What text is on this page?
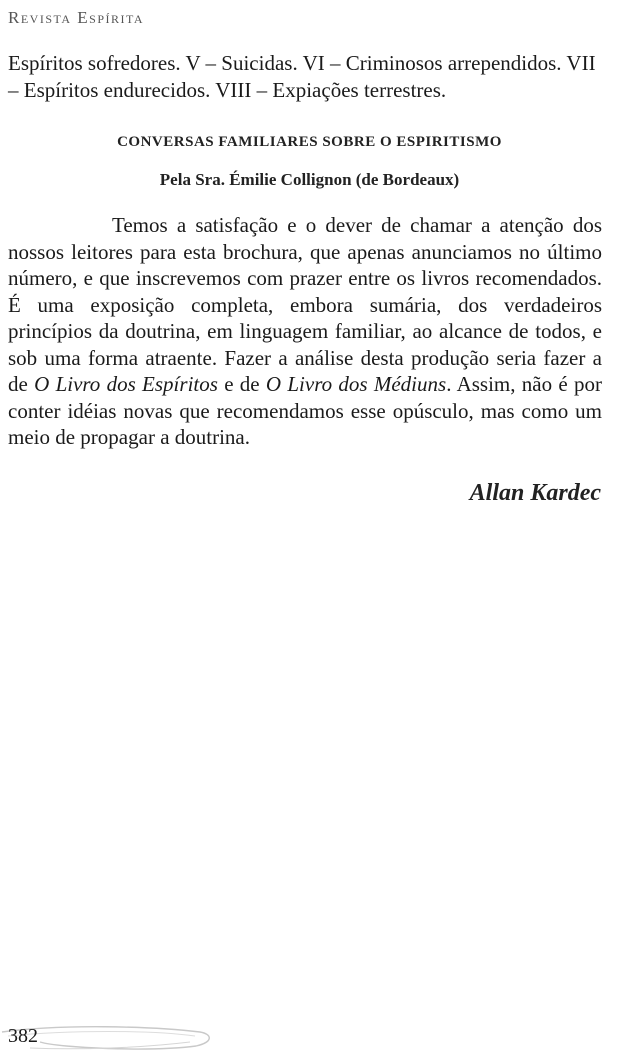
Revista Espírita

Espíritos sofredores. V – Suicidas. VI – Criminosos arrependidos. VII – Espíritos endurecidos. VIII – Expiações terrestres.

CONVERSAS FAMILIARES SOBRE O ESPIRITISMO
Pela Sra. Émilie Collignon (de Bordeaux)

Temos a satisfação e o dever de chamar a atenção dos nossos leitores para esta brochura, que apenas anunciamos no último número, e que inscrevemos com prazer entre os livros recomendados. É uma exposição completa, embora sumária, dos verdadeiros princípios da doutrina, em linguagem familiar, ao alcance de todos, e sob uma forma atraente. Fazer a análise desta produção seria fazer a de O Livro dos Espíritos e de O Livro dos Médiuns. Assim, não é por conter idéias novas que recomendamos esse opúsculo, mas como um meio de propagar a doutrina.

Allan Kardec
382
